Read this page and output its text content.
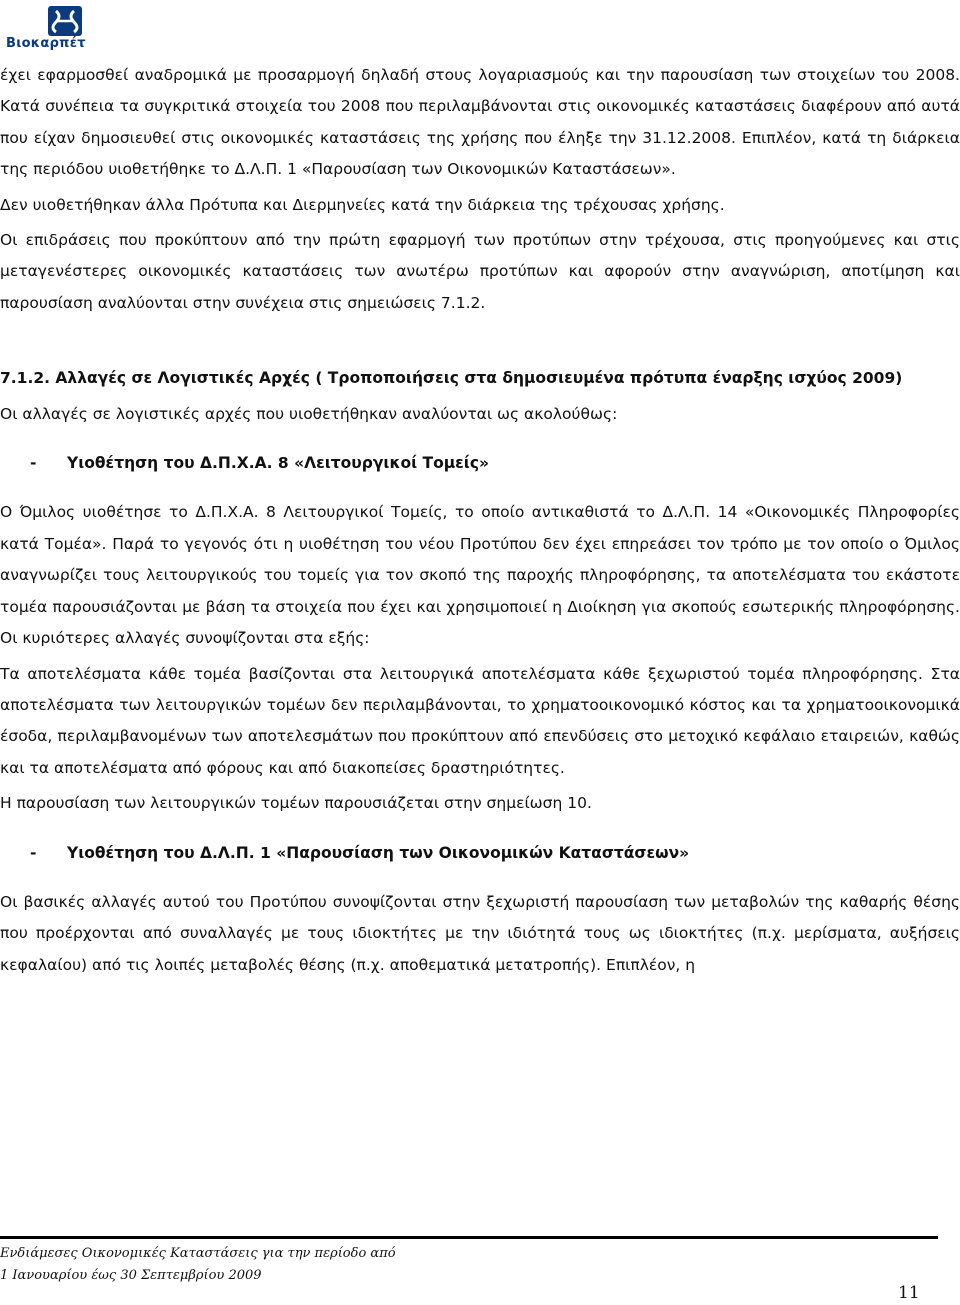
Βιοκαρπέτ

έχει εφαρμοσθεί αναδρομικά με προσαρμογή δηλαδή στους λογαριασμούς και την παρουσίαση των στοιχείων του 2008. Κατά συνέπεια τα συγκριτικά στοιχεία του 2008 που περιλαμβάνονται στις οικονομικές καταστάσεις διαφέρουν από αυτά που είχαν δημοσιευθεί στις οικονομικές καταστάσεις της χρήσης που έληξε την 31.12.2008. Επιπλέον, κατά τη διάρκεια της περιόδου υιοθετήθηκε το Δ.Λ.Π. 1 «Παρουσίαση των Οικονομικών Καταστάσεων».

Δεν υιοθετήθηκαν άλλα Πρότυπα και Διερμηνείες κατά την διάρκεια της τρέχουσας χρήσης.

Οι επιδράσεις που προκύπτουν από την πρώτη εφαρμογή των προτύπων στην τρέχουσα, στις προηγούμενες και στις μεταγενέστερες οικονομικές καταστάσεις των ανωτέρω προτύπων και αφορούν στην αναγνώριση, αποτίμηση και παρουσίαση αναλύονται στην συνέχεια στις σημειώσεις 7.1.2.

7.1.2. Αλλαγές σε Λογιστικές Αρχές ( Τροποποιήσεις στα δημοσιευμένα πρότυπα έναρξης ισχύος 2009)

Οι αλλαγές σε λογιστικές αρχές που υιοθετήθηκαν αναλύονται ως ακολούθως:

-	Υιοθέτηση του Δ.Π.Χ.Α. 8 «Λειτουργικοί Τομείς»

Ο Όμιλος υιοθέτησε το Δ.Π.Χ.Α. 8 Λειτουργικοί Τομείς, το οποίο αντικαθιστά το Δ.Λ.Π. 14 «Οικονομικές Πληροφορίες κατά Τομέα». Παρά το γεγονός ότι η υιοθέτηση του νέου Προτύπου δεν έχει επηρεάσει τον τρόπο με τον οποίο ο Όμιλος αναγνωρίζει τους λειτουργικούς του τομείς για τον σκοπό της παροχής πληροφόρησης, τα αποτελέσματα του εκάστοτε τομέα παρουσιάζονται με βάση τα στοιχεία που έχει και χρησιμοποιεί η Διοίκηση για σκοπούς εσωτερικής πληροφόρησης. Οι κυριότερες αλλαγές συνοψίζονται στα εξής:

Τα αποτελέσματα κάθε τομέα βασίζονται στα λειτουργικά αποτελέσματα κάθε ξεχωριστού τομέα πληροφόρησης. Στα αποτελέσματα των λειτουργικών τομέων δεν περιλαμβάνονται, το χρηματοοικονομικό κόστος και τα χρηματοοικονομικά έσοδα, περιλαμβανομένων των αποτελεσμάτων που προκύπτουν από επενδύσεις στο μετοχικό κεφάλαιο εταιρειών, καθώς και τα αποτελέσματα από φόρους και από διακοπείσες δραστηριότητες.

Η παρουσίαση των λειτουργικών τομέων παρουσιάζεται στην σημείωση 10.

-	Υιοθέτηση του Δ.Λ.Π. 1 «Παρουσίαση των Οικονομικών Καταστάσεων»

Οι βασικές αλλαγές αυτού του Προτύπου συνοψίζονται στην ξεχωριστή παρουσίαση των μεταβολών της καθαρής θέσης που προέρχονται από συναλλαγές με τους ιδιοκτήτες με την ιδιότητά τους ως ιδιοκτήτες (π.χ. μερίσματα, αυξήσεις κεφαλαίου) από τις λοιπές μεταβολές θέσης (π.χ. αποθεματικά μετατροπής). Επιπλέον, η

Ενδιάμεσες Οικονομικές Καταστάσεις για την περίοδο από
1 Ιανουαρίου έως 30 Σεπτεμβρίου 2009
11
